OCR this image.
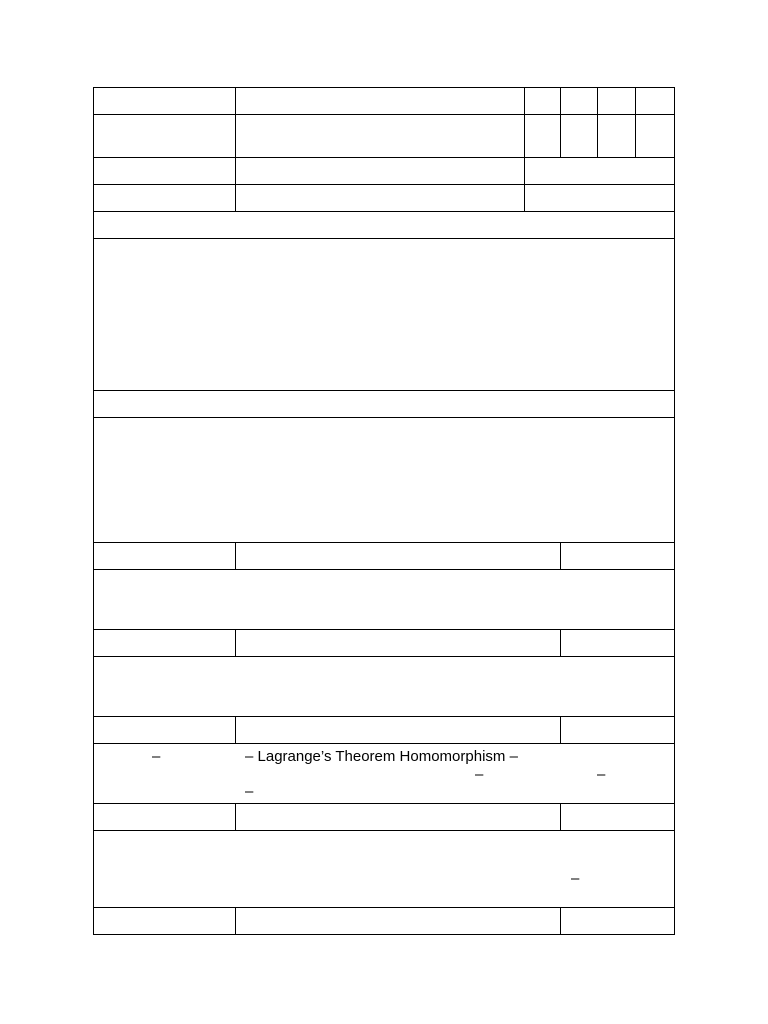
–	– Lagrange’s Theorem Homomorphism –
–	–
–
–
